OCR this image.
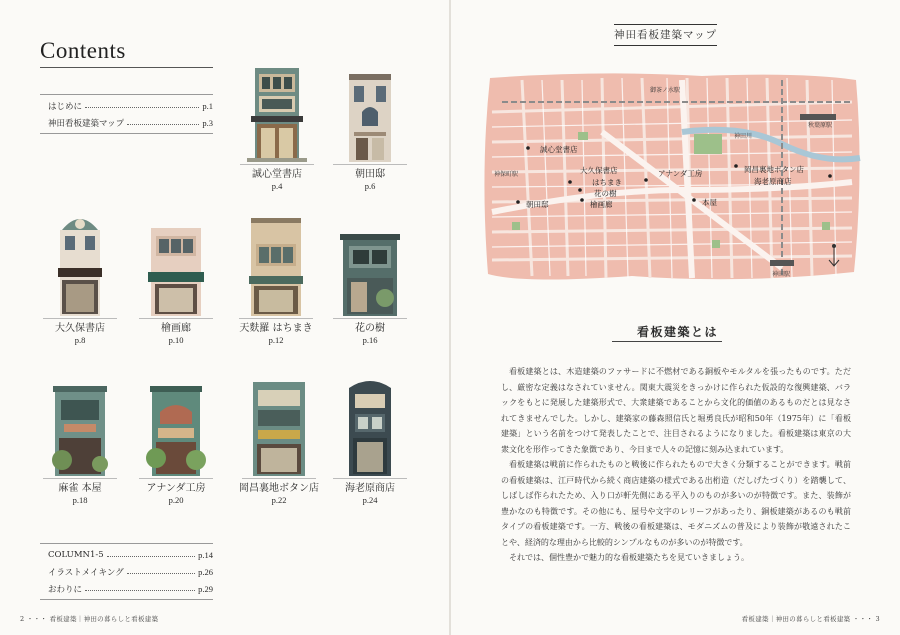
Contents
はじめに	p.1
神田看板建築マップ	p.3
誠心堂書店
p.4
朝田邸
p.6
大久保書店
p.8
檜画廊
p.10
天麩羅 はちまき
p.12
花の樹
p.16
麻雀 本屋
p.18
アナンダ工房
p.20
岡昌裏地ボタン店
p.22
海老原商店
p.24
COLUMN1-5	p.14
イラストメイキング	p.26
おわりに	p.29
2 ・・・ 看板建築｜神田の暮らしと看板建築	看板建築｜神田の暮らしと看板建築 ・・・ 3
神田看板建築マップ
御茶ノ水駅
秋葉原駅
神田川
神保町駅
神田駅
誠心堂書店
大久保書店
はちまき
花の樹
檜画廊
朝田邸
アナンダ工房
本屋
岡昌裏地ボタン店
海老原商店
看板建築とは

看板建築とは、木造建築のファサードに不燃材である銅板やモルタルを張ったものです。ただし、厳密な定義はなされていません。関東大震災をきっかけに作られた仮設的な復興建築、バラックをもとに発展した建築形式で、大衆建築であることから文化的価値のあるものだとは見なされてきませんでした。しかし、建築家の藤森照信氏と堀勇良氏が昭和50年（1975年）に「看板建築」という名前をつけて発表したことで、注目されるようになりました。看板建築は東京の大衆文化を形作ってきた象徴であり、今日まで人々の記憶に刻み込まれています。

看板建築は戦前に作られたものと戦後に作られたもので大きく分類することができます。戦前の看板建築は、江戸時代から続く商店建築の様式である出桁造（だしげたづくり）を踏襲して、しばしば作られたため、入り口が軒先側にある平入りのものが多いのが特徴です。また、装飾が豊かなのも特徴です。その他にも、屋号や文字のレリーフがあったり、銅板建築があるのも戦前タイプの看板建築です。一方、戦後の看板建築は、モダニズムの普及により装飾が敬遠されたことや、経済的な理由から比較的シンプルなものが多いのが特徴です。

それでは、個性豊かで魅力的な看板建築たちを見ていきましょう。
